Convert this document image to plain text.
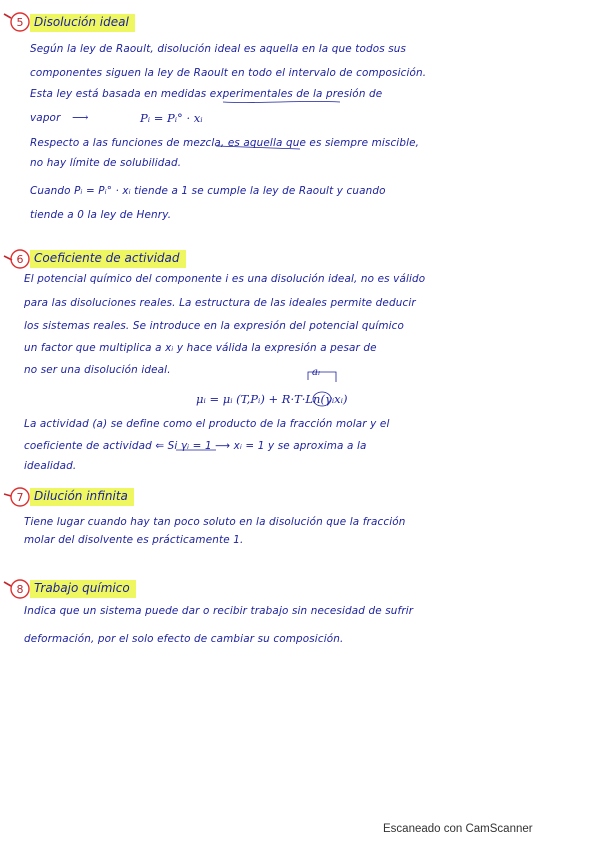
5 Disolución ideal
Según la ley de Raoult, disolución ideal es aquella en la que todos sus
componentes siguen la ley de Raoult en todo el intervalo de composición.
Esta ley está basada en medidas experimentales de la presión de
vapor ⟶	Pᵢ = Pᵢ° · xᵢ
Respecto a las funciones de mezcla, es aquella que es siempre miscible,
no hay límite de solubilidad.
Cuando Pᵢ = Pᵢ° · xᵢ tiende a 1 se cumple la ley de Raoult y cuando
tiende a 0 la ley de Henry.
6 Coeficiente de actividad
El potencial químico del componente i es una disolución ideal, no es válido
para las disoluciones reales. La estructura de las ideales permite deducir
los sistemas reales. Se introduce en la expresión del potencial químico
un factor que multiplica a xᵢ y hace válida la expresión a pesar de
no ser una disolución ideal.	aᵢ
μᵢ = μᵢ (T,Pᵢ) + R·T·Ln(γᵢxᵢ)
La actividad (a) se define como el producto de la fracción molar y el
coeficiente de actividad ⇐ Si γᵢ = 1 ⟶ xᵢ = 1 y se aproxima a la
idealidad.
7 Dilución infinita
Tiene lugar cuando hay tan poco soluto en la disolución que la fracción
molar del disolvente es prácticamente 1.
8 Trabajo químico
Indica que un sistema puede dar o recibir trabajo sin necesidad de sufrir
deformación, por el solo efecto de cambiar su composición.
Escaneado con CamScanner
